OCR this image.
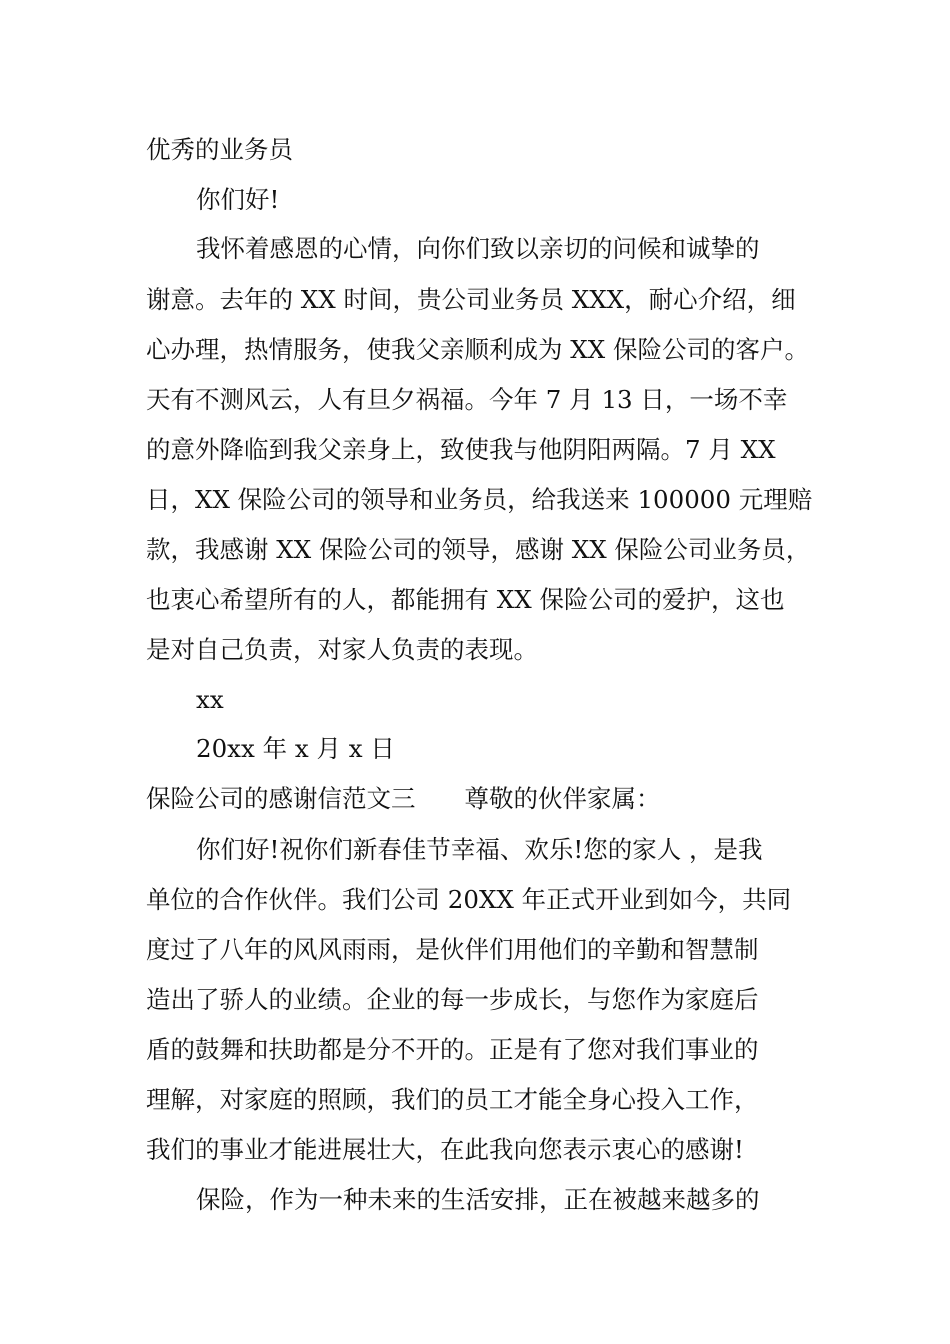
优秀的业务员
你们好!
我怀着感恩的心情，向你们致以亲切的问候和诚挚的
谢意。去年的 XX 时间，贵公司业务员 XXX，耐心介绍，细
心办理，热情服务，使我父亲顺利成为 XX 保险公司的客户。
天有不测风云，人有旦夕祸福。今年 7 月 13 日，一场不幸
的意外降临到我父亲身上，致使我与他阴阳两隔。7 月 XX
日，XX 保险公司的领导和业务员，给我送来 100000 元理赔
款，我感谢 XX 保险公司的领导，感谢 XX 保险公司业务员，
也衷心希望所有的人，都能拥有 XX 保险公司的爱护，这也
是对自己负责，对家人负责的表现。
xx
20xx 年 x 月 x 日
保险公司的感谢信范文三　　尊敬的伙伴家属：
你们好!祝你们新春佳节幸福、欢乐!您的家人 ，是我
单位的合作伙伴。我们公司 20XX 年正式开业到如今，共同
度过了八年的风风雨雨，是伙伴们用他们的辛勤和智慧制
造出了骄人的业绩。企业的每一步成长，与您作为家庭后
盾的鼓舞和扶助都是分不开的。正是有了您对我们事业的
理解，对家庭的照顾，我们的员工才能全身心投入工作，
我们的事业才能进展壮大，在此我向您表示衷心的感谢!
保险，作为一种未来的生活安排，正在被越来越多的
